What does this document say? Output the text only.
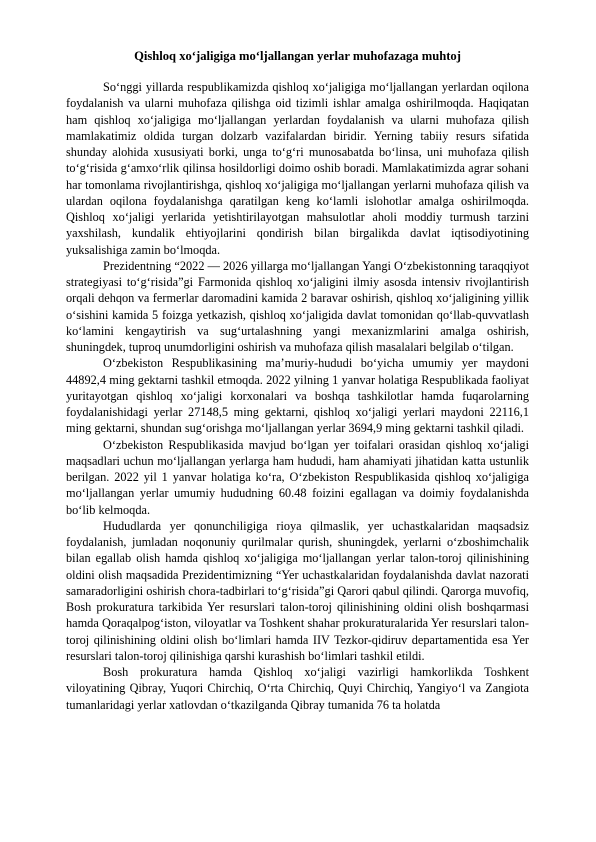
Qishloq xo‘jaligiga mo‘ljallangan yerlar muhofazaga muhtoj

So‘nggi yillarda respublikamizda qishloq xo‘jaligiga mo‘ljallangan yerlardan oqilona foydalanish va ularni muhofaza qilishga oid tizimli ishlar amalga oshirilmoqda. Haqiqatan ham qishloq xo‘jaligiga mo‘ljallangan yerlardan foydalanish va ularni muhofaza qilish mamlakatimiz oldida turgan dolzarb vazifalardan biridir. Yerning tabiiy resurs sifatida shunday alohida xususiyati borki, unga to‘g‘ri munosabatda bo‘linsa, uni muhofaza qilish to‘g‘risida g‘amxo‘rlik qilinsa hosildorligi doimo oshib boradi. Mamlakatimizda agrar sohani har tomonlama rivojlantirishga, qishloq xo‘jaligiga mo‘ljallangan yerlarni muhofaza qilish va ulardan oqilona foydalanishga qaratilgan keng ko‘lamli islohotlar amalga oshirilmoqda. Qishloq xo‘jaligi yerlarida yetishtirilayotgan mahsulotlar aholi moddiy turmush tarzini yaxshilash, kundalik ehtiyojlarini qondirish bilan birgalikda davlat iqtisodiyotining yuksalishiga zamin bo‘lmoqda.

Prezidentning “2022 — 2026 yillarga mo‘ljallangan Yangi O‘zbekistonning taraqqiyot strategiyasi to‘g‘risida”gi Farmonida qishloq xo‘jaligini ilmiy asosda intensiv rivojlantirish orqali dehqon va fermerlar daromadini kamida 2 baravar oshirish, qishloq xo‘jaligining yillik o‘sishini kamida 5 foizga yetkazish, qishloq xo‘jaligida davlat tomonidan qo‘llab-quvvatlash ko‘lamini kengaytirish va sug‘urtalashning yangi mexanizmlarini amalga oshirish, shuningdek, tuproq unumdorligini oshirish va muhofaza qilish masalalari belgilab o‘tilgan.

O‘zbekiston Respublikasining ma’muriy-hududi bo‘yicha umumiy yer maydoni 44892,4 ming gektarni tashkil etmoqda. 2022 yilning 1 yanvar holatiga Respublikada faoliyat yuritayotgan qishloq xo‘jaligi korxonalari va boshqa tashkilotlar hamda fuqarolarning foydalanishidagi yerlar 27148,5 ming gektarni, qishloq xo‘jaligi yerlari maydoni 22116,1 ming gektarni, shundan sug‘orishga mo‘ljallangan yerlar 3694,9 ming gektarni tashkil qiladi.

O‘zbekiston Respublikasida mavjud bo‘lgan yer toifalari orasidan qishloq xo‘jaligi maqsadlari uchun mo‘ljallangan yerlarga ham hududi, ham ahamiyati jihatidan katta ustunlik berilgan. 2022 yil 1 yanvar holatiga ko‘ra, O‘zbekiston Respublikasida qishloq xo‘jaligiga mo‘ljallangan yerlar umumiy hududning 60.48 foizini egallagan va doimiy foydalanishda bo‘lib kelmoqda.

Hududlarda yer qonunchiligiga rioya qilmaslik, yer uchastkalaridan maqsadsiz foydalanish, jumladan noqonuniy qurilmalar qurish, shuningdek, yerlarni o‘zboshimchalik bilan egallab olish hamda qishloq xo‘jaligiga mo‘ljallangan yerlar talon-toroj qilinishining oldini olish maqsadida Prezidentimizning “Yer uchastkalaridan foydalanishda davlat nazorati samaradorligini oshirish chora-tadbirlari to‘g‘risida”gi Qarori qabul qilindi. Qarorga muvofiq, Bosh prokuratura tarkibida Yer resurslari talon-toroj qilinishining oldini olish boshqarmasi hamda Qoraqalpog‘iston, viloyatlar va Toshkent shahar prokuraturalarida Yer resurslari talon-toroj qilinishining oldini olish bo‘limlari hamda IIV Tezkor-qidiruv departamentida esa Yer resurslari talon-toroj qilinishiga qarshi kurashish bo‘limlari tashkil etildi.

Bosh prokuratura hamda Qishloq xo‘jaligi vazirligi hamkorlikda Toshkent viloyatining Qibray, Yuqori Chirchiq, O‘rta Chirchiq, Quyi Chirchiq, Yangiyo‘l va Zangiota tumanlaridagi yerlar xatlovdan o‘tkazilganda Qibray tumanida 76 ta holatda
